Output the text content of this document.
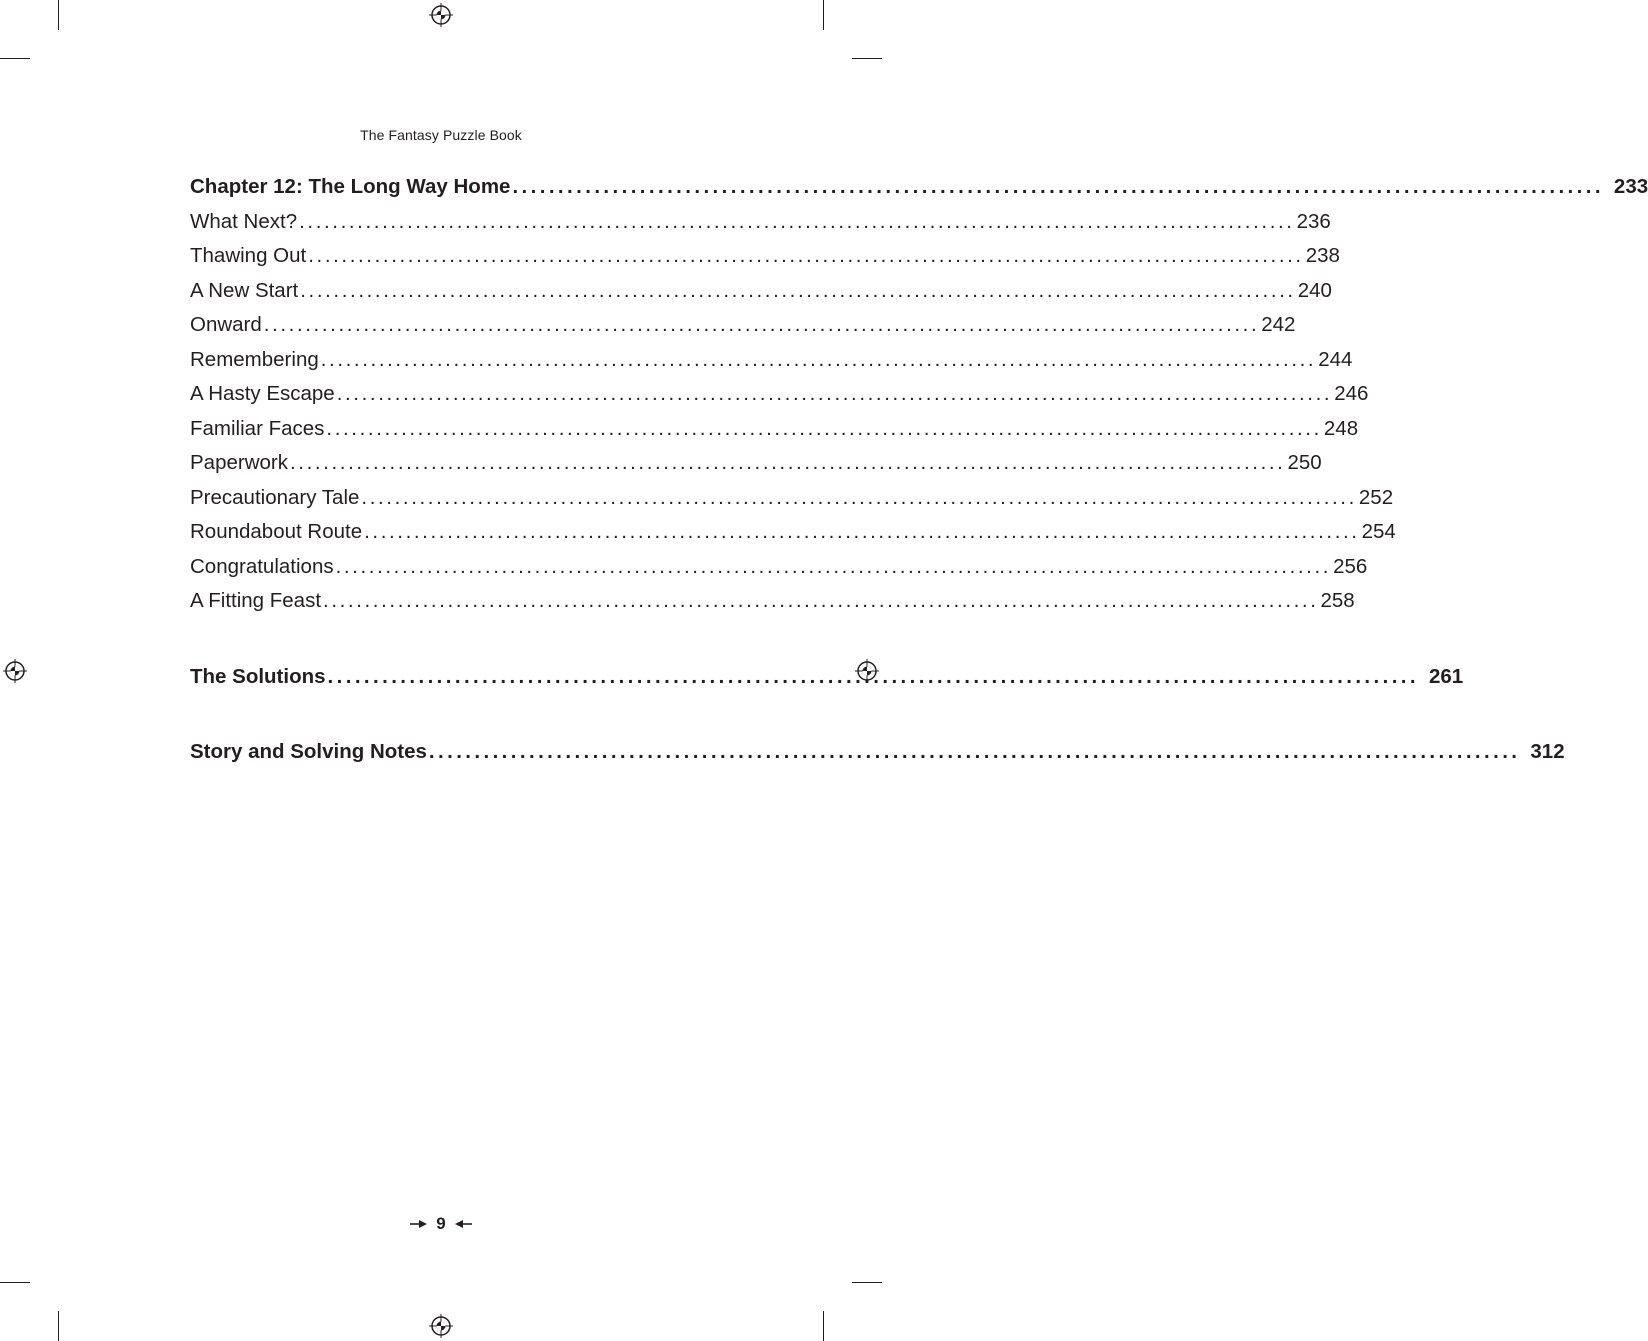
The Fantasy Puzzle Book
Chapter 12: The Long Way Home ........................................................................................................................ 233
What Next? ........................................................................................................................ 236
Thawing Out ........................................................................................................................ 238
A New Start ........................................................................................................................ 240
Onward ........................................................................................................................ 242
Remembering ........................................................................................................................ 244
A Hasty Escape ........................................................................................................................ 246
Familiar Faces ........................................................................................................................ 248
Paperwork ........................................................................................................................ 250
Precautionary Tale ........................................................................................................................ 252
Roundabout Route ........................................................................................................................ 254
Congratulations ........................................................................................................................ 256
A Fitting Feast ........................................................................................................................ 258
The Solutions ........................................................................................................................ 261
Story and Solving Notes ........................................................................................................................ 312
9
